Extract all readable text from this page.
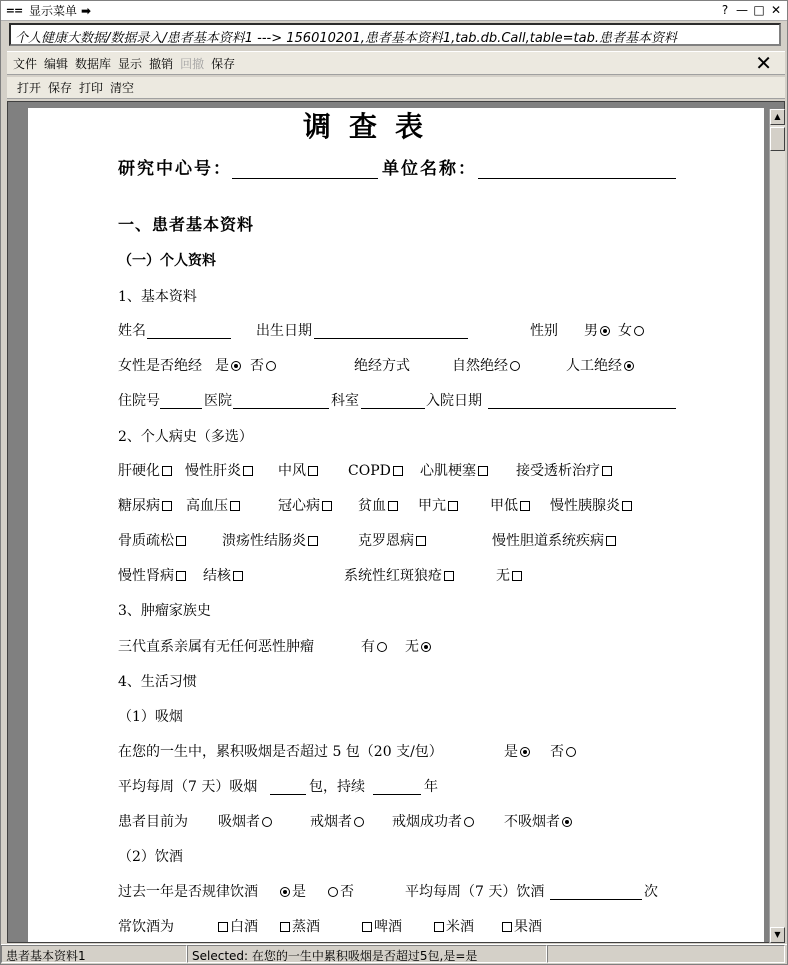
== 显示菜单 ➡	? — □ ✕
个人健康大数据/数据录入/患者基本资料1 ---> 156010201,患者基本资料1,tab.db.Call,table=tab.患者基本资料
文件 编辑 数据库 显示 撤销 回撤 保存	✕
打开 保存 打印 清空
调查表
研究中心号：	单位名称：
一、患者基本资料
（一）个人资料
1、基本资料
姓名	出生日期	性别 男	女
女性是否绝经 是	否	绝经方式	自然绝经	人工绝经
住院号	医院	科室	入院日期
2、个人病史（多选）
肝硬化	慢性肝炎	中风	COPD	心肌梗塞	接受透析治疗
糖尿病	高血压	冠心病	贫血	甲亢	甲低	慢性胰腺炎
骨质疏松	溃疡性结肠炎	克罗恩病	慢性胆道系统疾病
慢性肾病	结核	系统性红斑狼疮	无
3、肿瘤家族史
三代直系亲属有无任何恶性肿瘤	有	无
4、生活习惯
（1）吸烟
在您的一生中，累积吸烟是否超过 5 包（20 支/包）	是	否
平均每周（7 天）吸烟	包，持续	年
患者目前为 吸烟者	戒烟者	戒烟成功者	不吸烟者
（2）饮酒
过去一年是否规律饮酒	是	否	平均每周（7 天）饮酒	次
常饮酒为	白酒	蒸酒	啤酒	米酒	果酒
▲
▼
患者基本资料1	Selected: 在您的一生中累积吸烟是否超过5包,是=是
